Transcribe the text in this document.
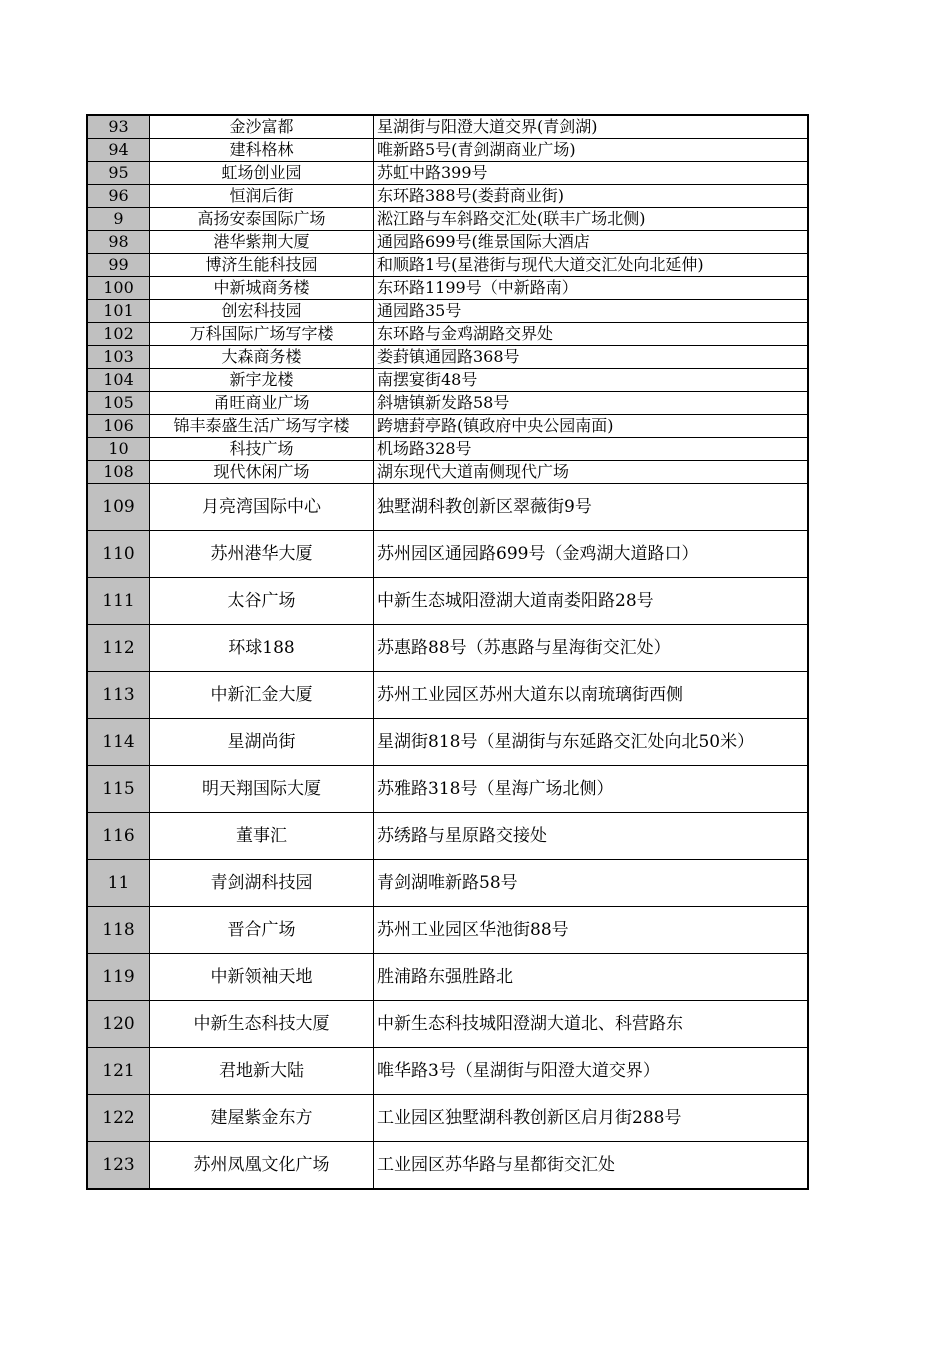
93	金沙富都	星湖街与阳澄大道交界(青剑湖)
94	建科格林	唯新路5号(青剑湖商业广场)
95	虹场创业园	苏虹中路399号
96	恒润后街	东环路388号(娄葑商业街)
9	高扬安泰国际广场	淞江路与车斜路交汇处(联丰广场北侧)
98	港华紫荆大厦	通园路699号(维景国际大酒店
99	博济生能科技园	和顺路1号(星港街与现代大道交汇处向北延伸)
100	中新城商务楼	东环路1199号（中新路南）
101	创宏科技园	通园路35号
102	万科国际广场写字楼	东环路与金鸡湖路交界处
103	大森商务楼	娄葑镇通园路368号
104	新宇龙楼	南摆宴街48号
105	甬旺商业广场	斜塘镇新发路58号
106	锦丰泰盛生活广场写字楼	跨塘葑亭路(镇政府中央公园南面)
10	科技广场	机场路328号
108	现代休闲广场	湖东现代大道南侧现代广场
109	月亮湾国际中心	独墅湖科教创新区翠薇街9号
110	苏州港华大厦	苏州园区通园路699号（金鸡湖大道路口）
111	太谷广场	中新生态城阳澄湖大道南娄阳路28号
112	环球188	苏惠路88号（苏惠路与星海街交汇处）
113	中新汇金大厦	苏州工业园区苏州大道东以南琉璃街西侧
114	星湖尚街	星湖街818号（星湖街与东延路交汇处向北50米）
115	明天翔国际大厦	苏雅路318号（星海广场北侧）
116	董事汇	苏绣路与星原路交接处
11	青剑湖科技园	青剑湖唯新路58号
118	晋合广场	苏州工业园区华池街88号
119	中新领袖天地	胜浦路东强胜路北
120	中新生态科技大厦	中新生态科技城阳澄湖大道北、科营路东
121	君地新大陆	唯华路3号（星湖街与阳澄大道交界）
122	建屋紫金东方	工业园区独墅湖科教创新区启月街288号
123	苏州凤凰文化广场	工业园区苏华路与星都街交汇处
